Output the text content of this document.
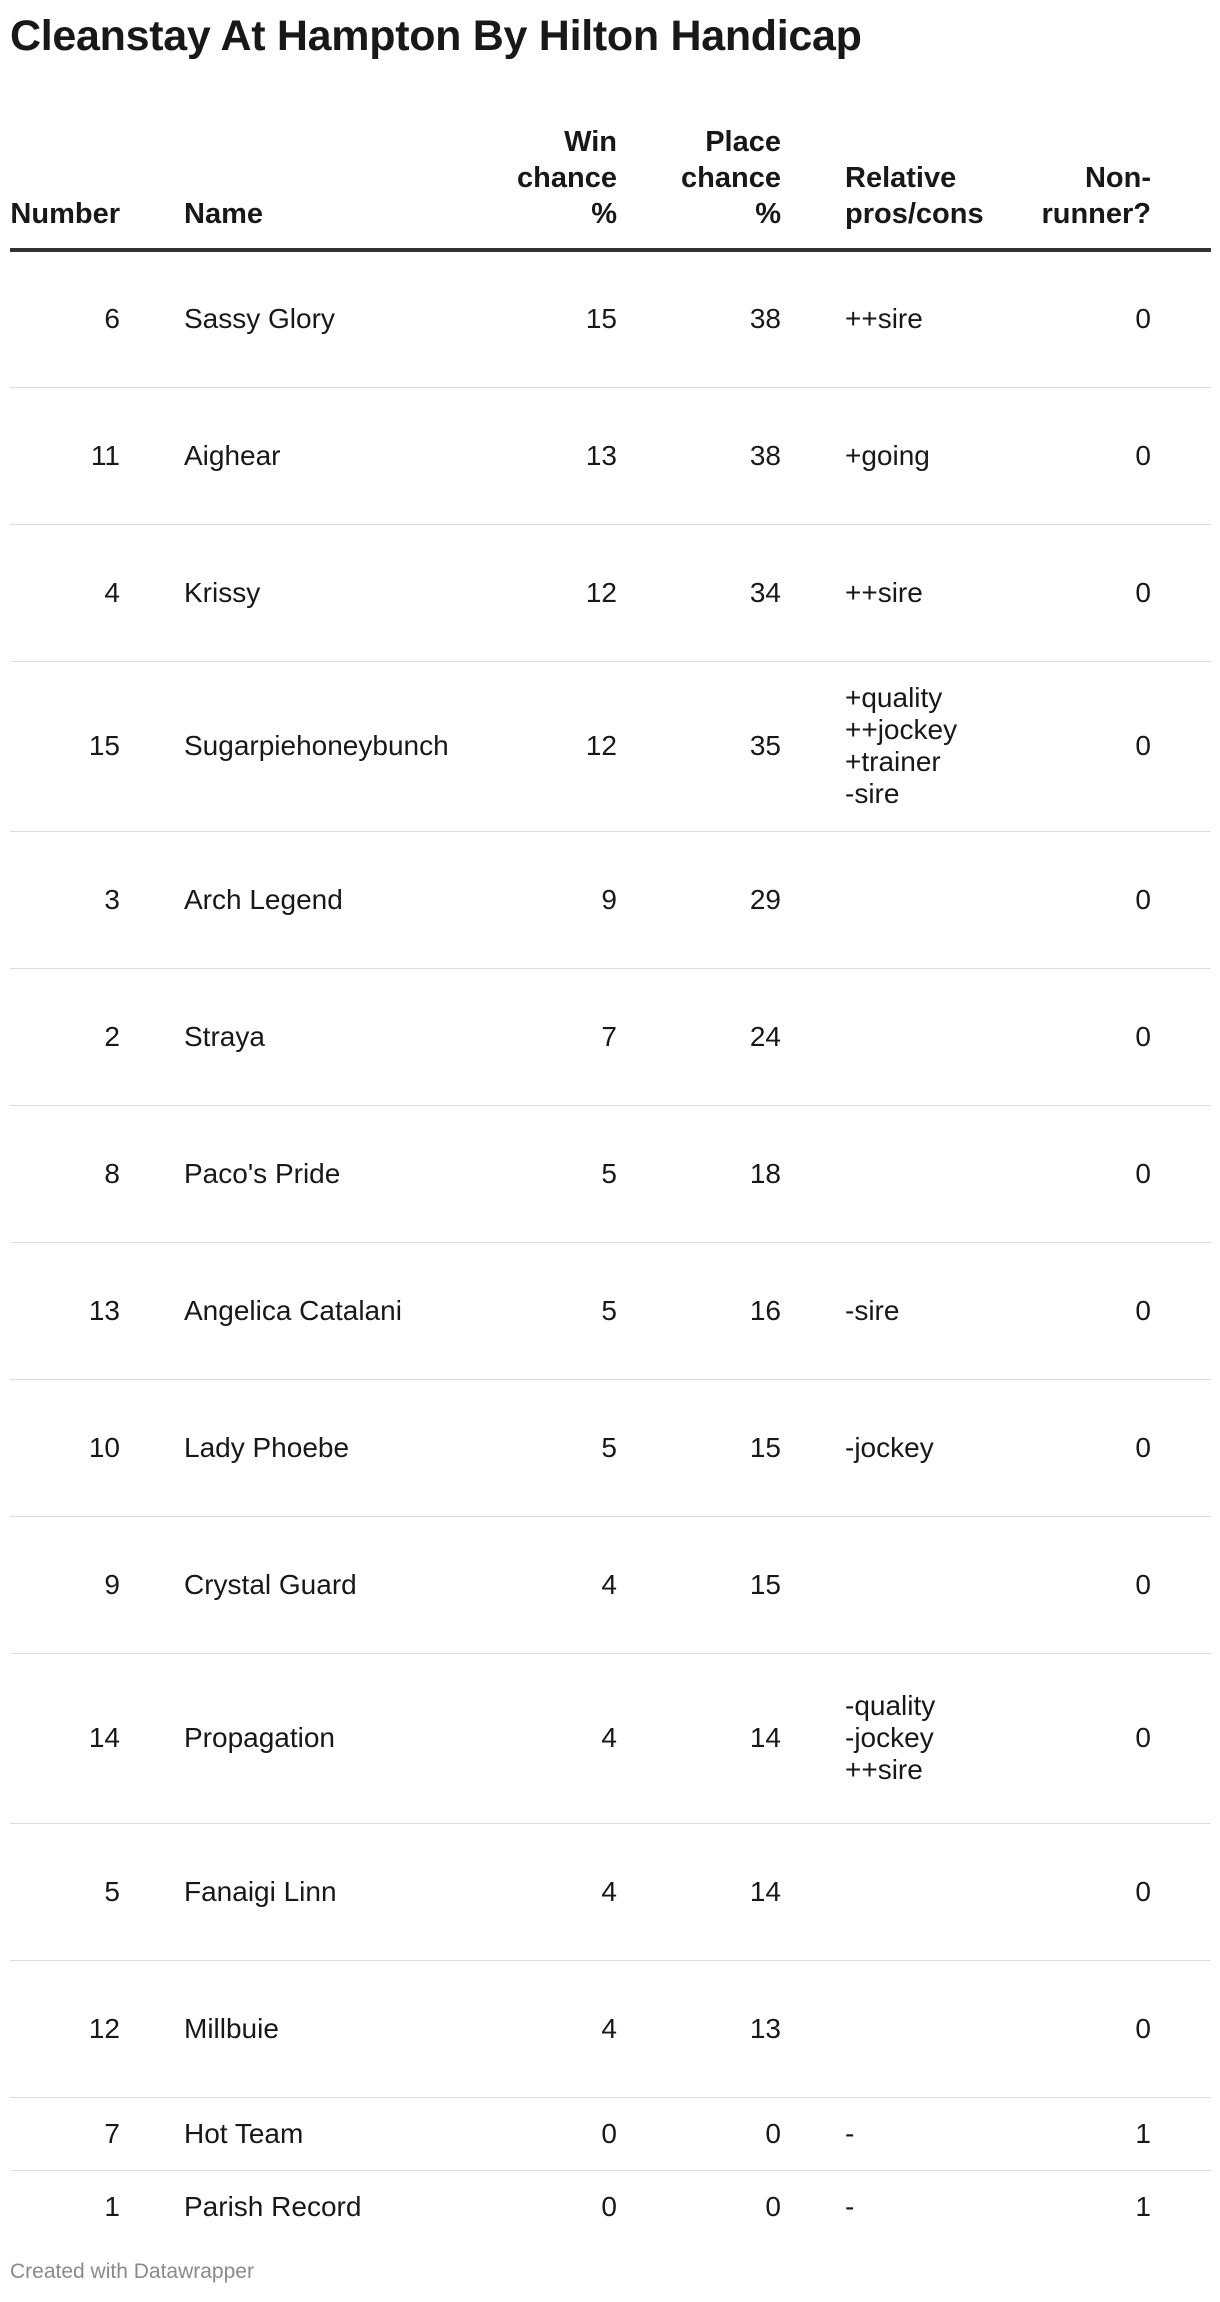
Cleanstay At Hampton By Hilton Handicap
Number		Name	Win
chance
%	Place
chance
%		Relative
pros/cons	Non-
runner?	

6		Sassy Glory	15	38		++sire	0	
11		Aighear	13	38		+going	0	
4		Krissy	12	34		++sire	0	
15		Sugarpiehoneybunch	12	35		+quality
++jockey
+trainer
-sire	0	
3		Arch Legend	9	29			0	
2		Straya	7	24			0	
8		Paco's Pride	5	18			0	
13		Angelica Catalani	5	16		-sire	0	
10		Lady Phoebe	5	15		-jockey	0	
9		Crystal Guard	4	15			0	
14		Propagation	4	14		-quality
-jockey
++sire	0	
5		Fanaigi Linn	4	14			0	
12		Millbuie	4	13			0	
7		Hot Team	0	0		-	1	
1		Parish Record	0	0		-	1	
Created with Datawrapper
